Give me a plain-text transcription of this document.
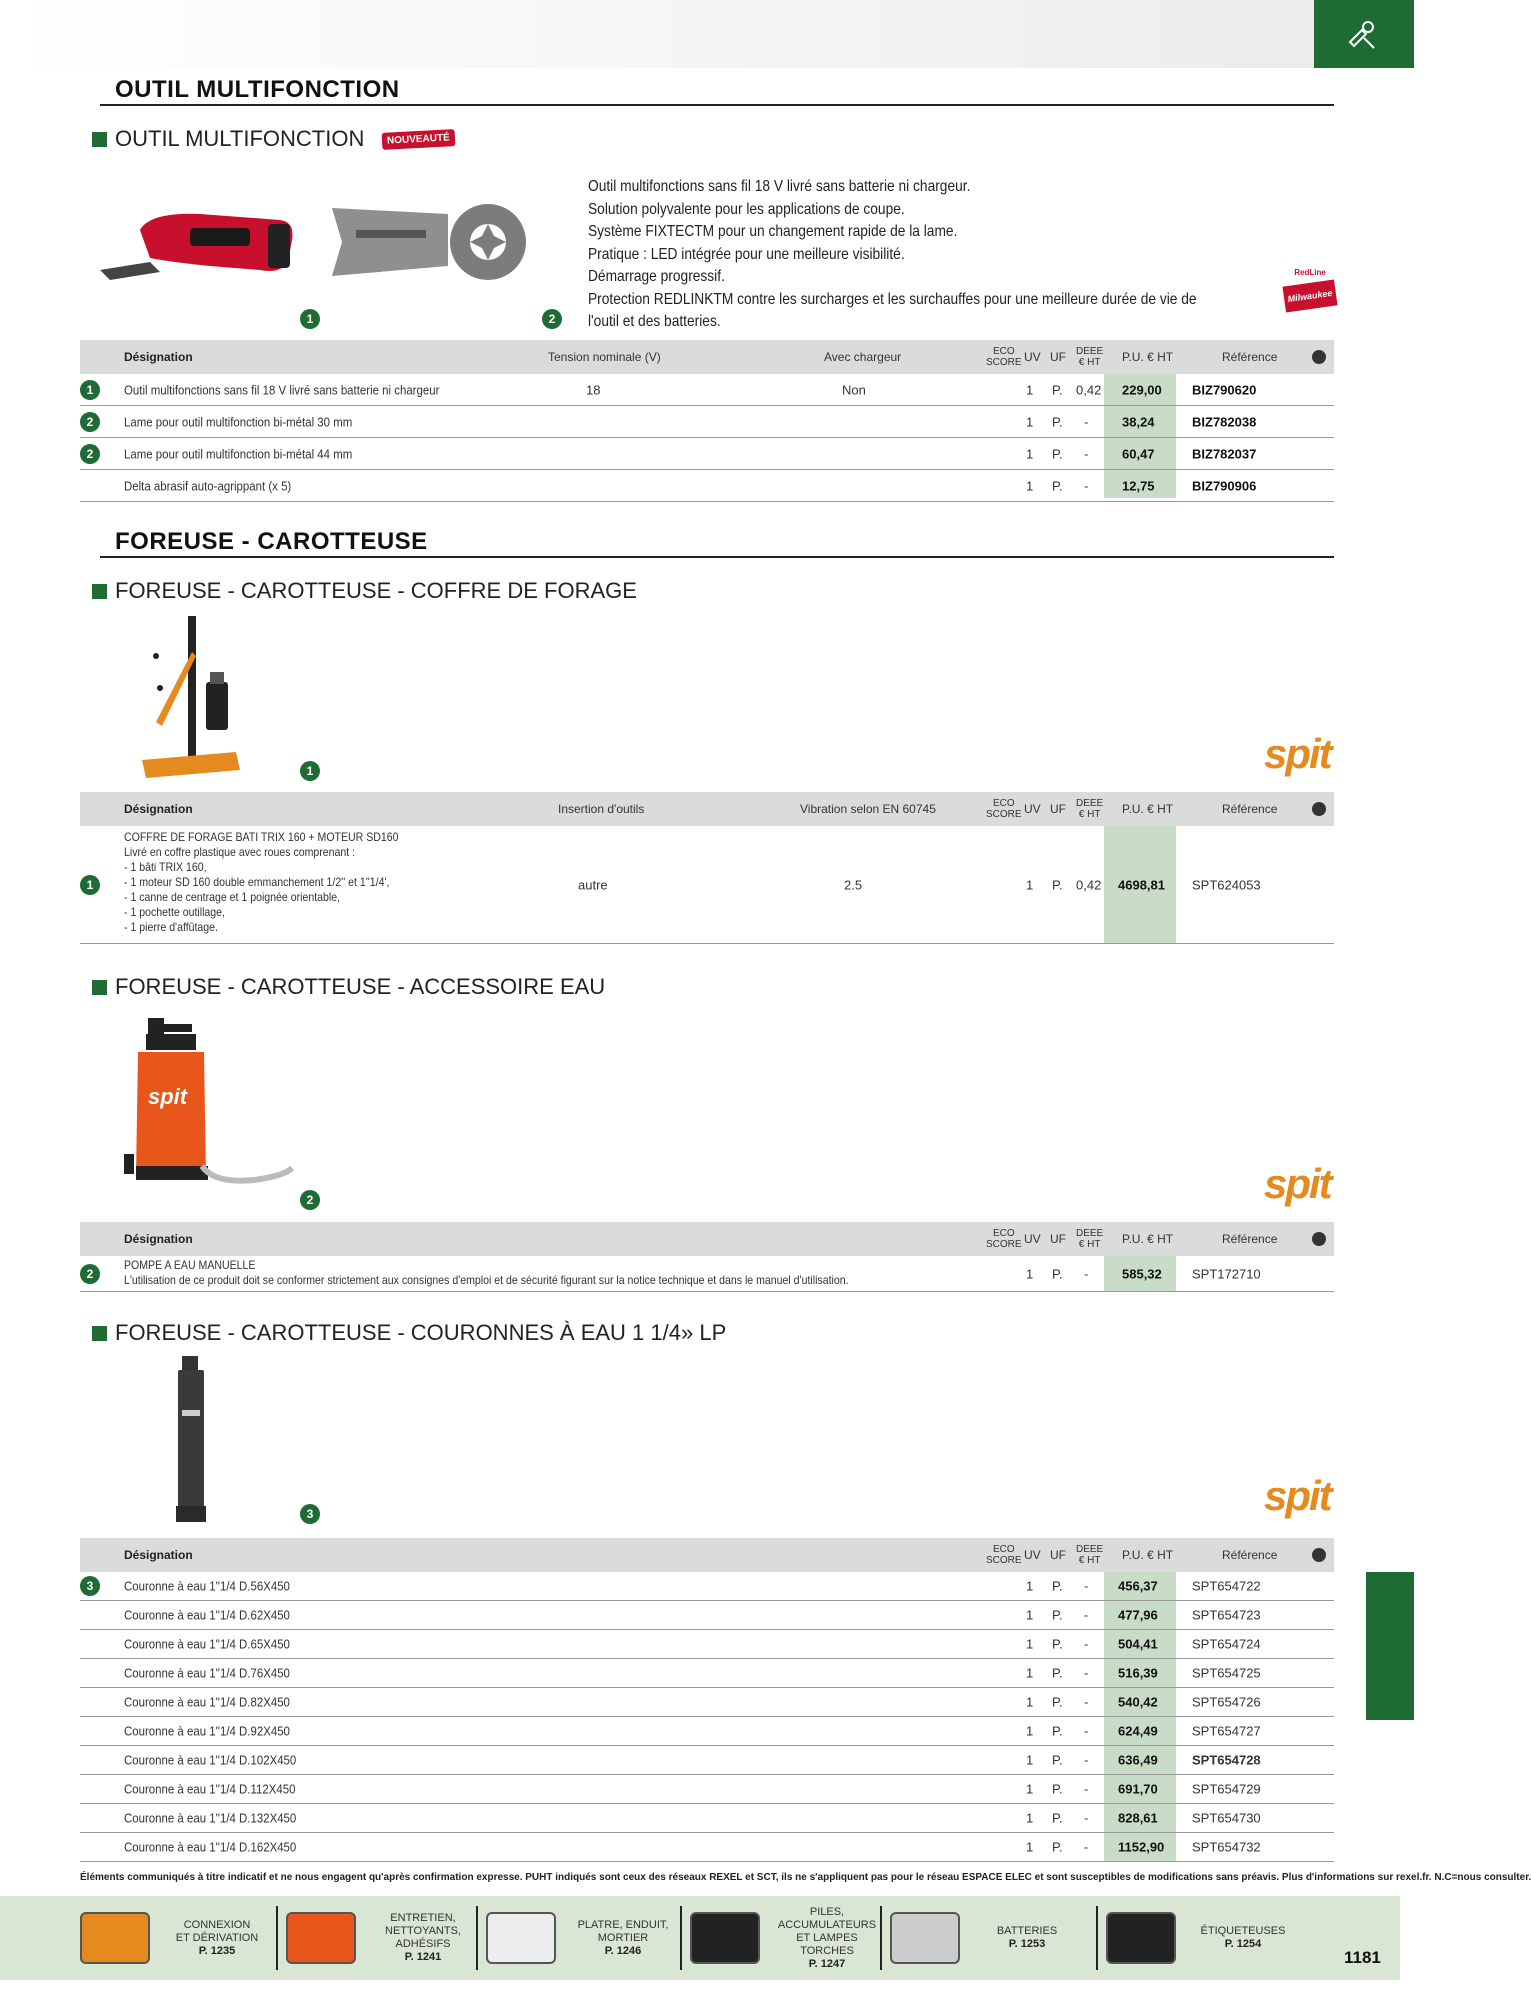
OUTIL MULTIFONCTION
OUTIL MULTIFONCTION	NOUVEAUTÉ
1	2
Outil multifonctions sans fil 18 V livré sans batterie ni chargeur.
Solution polyvalente pour les applications de coupe.
Système FIXTECTM pour un changement rapide de la lame.
Pratique : LED intégrée pour une meilleure visibilité.
Démarrage progressif.
Protection REDLINKTM contre les surcharges et les surchauffes pour une meilleure durée de vie de
l'outil et des batteries.
RedLine
Milwaukee
Désignation	Tension nominale (V)	Avec chargeur	ECO
SCORE UV UF DEEE
€ HT P.U. € HT	Référence
1	Outil multifonctions sans fil 18 V livré sans batterie ni chargeur	18	Non	1 P. 0,42 229,00 BIZ790620
2	Lame pour outil multifonction bi-métal 30 mm	1 P. -	38,24	BIZ782038
2	Lame pour outil multifonction bi-métal 44 mm	1 P. -	60,47	BIZ782037
Delta abrasif auto-agrippant (x 5)	1 P. -	12,75	BIZ790906
FOREUSE - CAROTTEUSE
FOREUSE - CAROTTEUSE - COFFRE DE FORAGE
1	spit
Désignation	Insertion d'outils	Vibration selon EN 60745	ECO
SCORE UV UF DEEE
€ HT P.U. € HT	Référence
1
COFFRE DE FORAGE BATI TRIX 160 + MOTEUR SD160
Livré en coffre plastique avec roues comprenant :
- 1 bâti TRIX 160,
- 1 moteur SD 160 double emmanchement 1/2'' et 1''1/4',
- 1 canne de centrage et 1 poignée orientable,
- 1 pochette outillage,
- 1 pierre d'affûtage.
autre	2.5	1 P. 0,42 4698,81 SPT624053
FOREUSE - CAROTTEUSE - ACCESSOIRE EAU
spit
2	spit
Désignation	ECO
SCORE UV UF DEEE
€ HT P.U. € HT	Référence
2
POMPE A EAU MANUELLE
L'utilisation de ce produit doit se conformer strictement aux consignes d'emploi et de sécurité figurant sur la notice technique et dans le manuel d'utilisation.	1 P. -	585,32 SPT172710
FOREUSE - CAROTTEUSE - COURONNES À EAU 1 1/4» LP
3	spit
Désignation	ECO
SCORE UV UF DEEE
€ HT P.U. € HT	Référence
3	Couronne à eau 1''1/4 D.56X450	1 P. - 456,37	SPT654722
Couronne à eau 1''1/4 D.62X450	1 P. - 477,96	SPT654723
Couronne à eau 1''1/4 D.65X450	1 P. - 504,41	SPT654724
Couronne à eau 1''1/4 D.76X450	1 P. - 516,39	SPT654725
Couronne à eau 1''1/4 D.82X450	1 P. - 540,42	SPT654726
Couronne à eau 1''1/4 D.92X450	1 P. - 624,49	SPT654727
Couronne à eau 1''1/4 D.102X450	1 P. - 636,49	SPT654728
Couronne à eau 1''1/4 D.112X450	1 P. - 691,70	SPT654729
Couronne à eau 1''1/4 D.132X450	1 P. - 828,61	SPT654730
Couronne à eau 1''1/4 D.162X450	1 P. - 1152,90 SPT654732
Éléments communiqués à titre indicatif et ne nous engagent qu'après confirmation expresse. PUHT indiqués sont ceux des réseaux REXEL et SCT, ils ne s'appliquent pas pour le réseau ESPACE ELEC et sont susceptibles de modifications sans préavis. Plus d'informations sur rexel.fr. N.C=nous consulter.
CONNEXION
ET DÉRIVATION
P. 1235
ENTRETIEN,
NETTOYANTS,
ADHÉSIFS
P. 1241
PLATRE, ENDUIT,
MORTIER
P. 1246
PILES, ACCUMULATEURS
ET LAMPES TORCHES
P. 1247
BATTERIES
P. 1253
ÉTIQUETEUSES
P. 1254
1181
